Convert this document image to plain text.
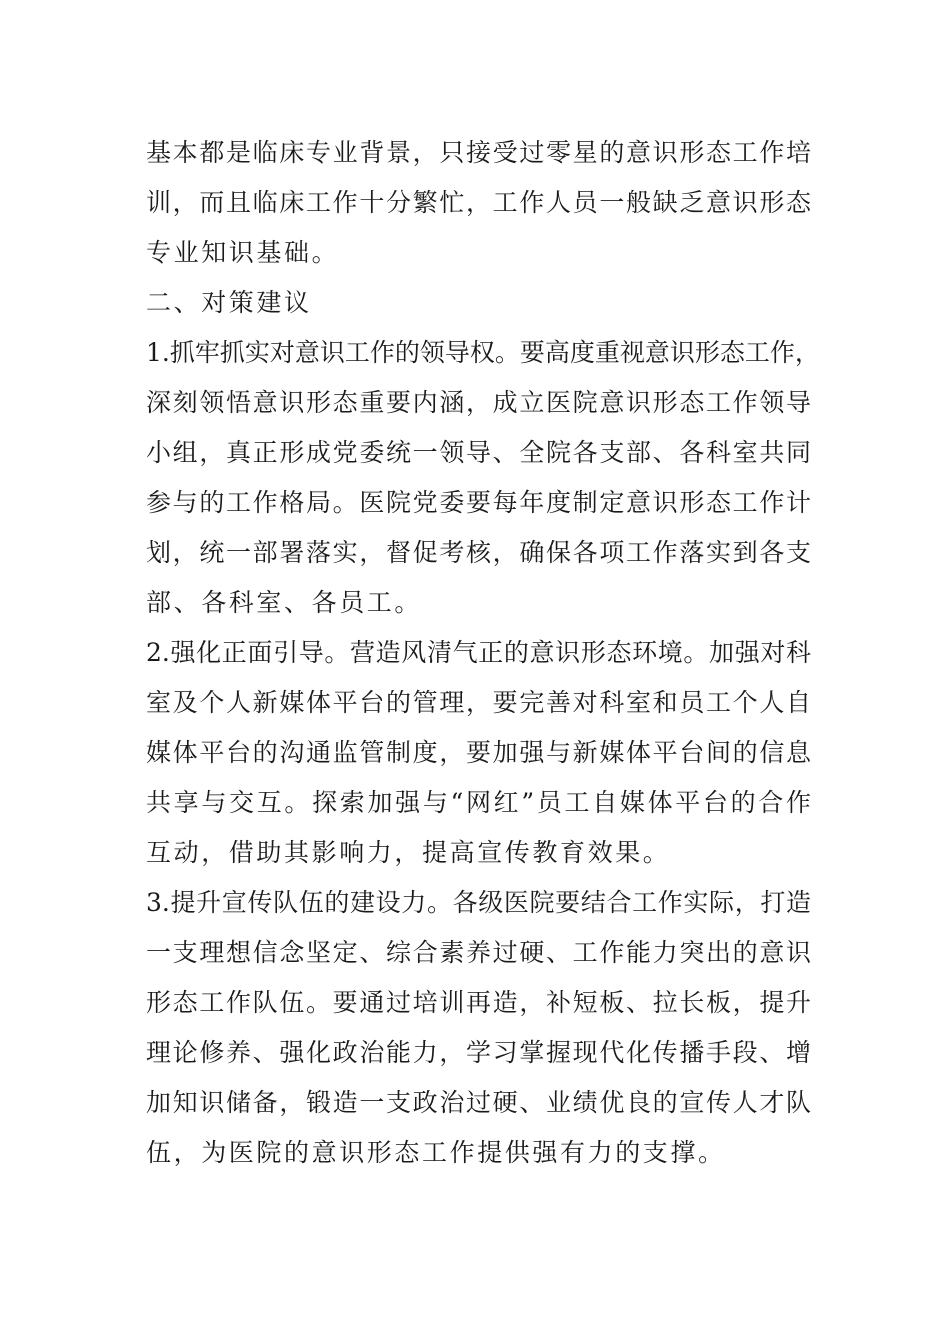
基本都是临床专业背景，只接受过零星的意识形态工作培
训，而且临床工作十分繁忙，工作人员一般缺乏意识形态
专业知识基础。
二、对策建议
1.抓牢抓实对意识工作的领导权。要高度重视意识形态工作，
深刻领悟意识形态重要内涵，成立医院意识形态工作领导
小组，真正形成党委统一领导、全院各支部、各科室共同
参与的工作格局。医院党委要每年度制定意识形态工作计
划，统一部署落实，督促考核，确保各项工作落实到各支
部、各科室、各员工。
2.强化正面引导。营造风清气正的意识形态环境。加强对科
室及个人新媒体平台的管理，要完善对科室和员工个人自
媒体平台的沟通监管制度，要加强与新媒体平台间的信息
共享与交互。探索加强与“网红”员工自媒体平台的合作
互动，借助其影响力，提高宣传教育效果。
3.提升宣传队伍的建设力。各级医院要结合工作实际，打造
一支理想信念坚定、综合素养过硬、工作能力突出的意识
形态工作队伍。要通过培训再造，补短板、拉长板，提升
理论修养、强化政治能力，学习掌握现代化传播手段、增
加知识储备，锻造一支政治过硬、业绩优良的宣传人才队
伍，为医院的意识形态工作提供强有力的支撑。
